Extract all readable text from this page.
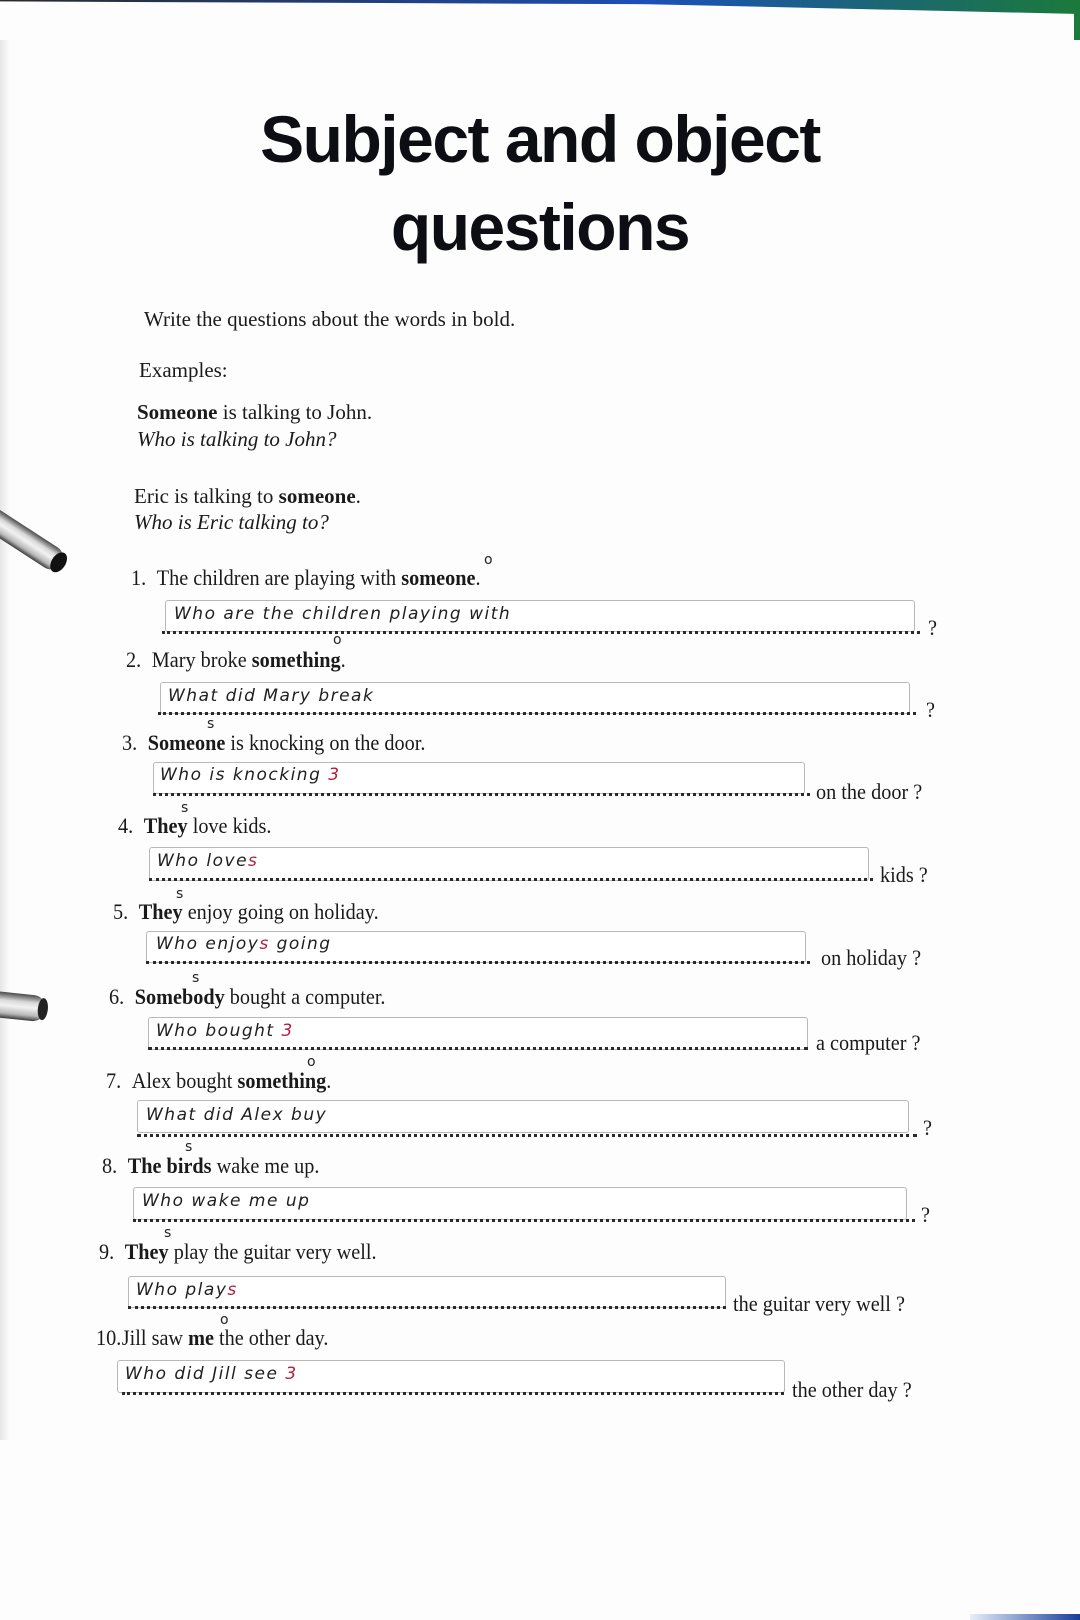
Subject and object
questions
Write the questions about the words in bold.
Examples:
Someone is talking to John.
Who is talking to John?
Eric is talking to someone.
Who is Eric talking to?
o
1. The children are playing with someone.
Who are the children playing with
?
o
2. Mary broke something.
What did Mary break
?
s
3. Someone is knocking on the door.
Who is knocking 3
on the door ?
s
4. They love kids.
Who loves
kids ?
s
5. They enjoy going on holiday.
Who enjoys going
on holiday ?
s
6. Somebody bought a computer.
Who bought 3	a computer ?
o
7. Alex bought something.
What did Alex buy	?
s
8. The birds wake me up.
Who wake me up
?
s
9. They play the guitar very well.
Who plays
the guitar very well ?
o
10.Jill saw me the other day.
Who did Jill see 3
the other day ?
